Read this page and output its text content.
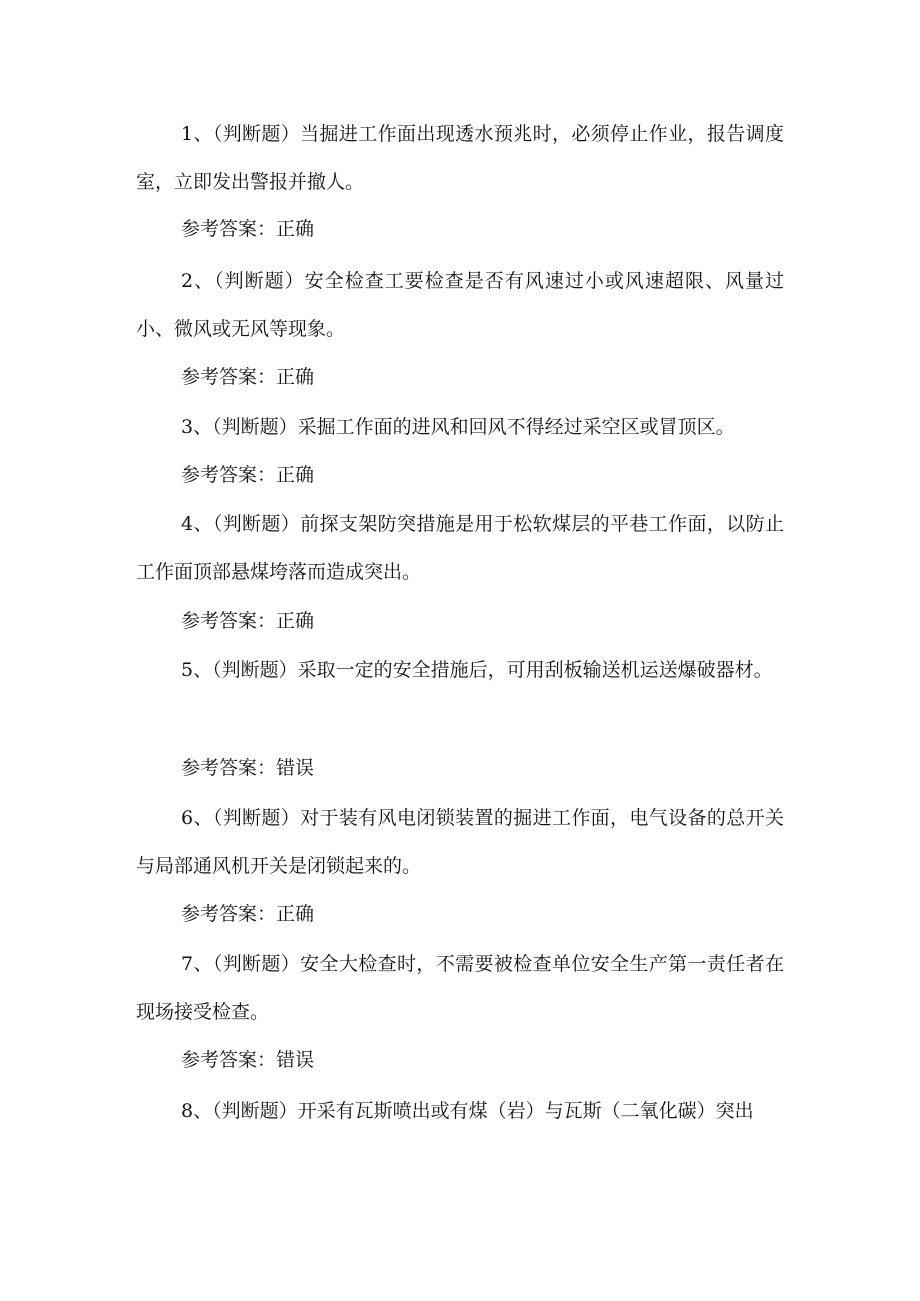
1、（判断题）当掘进工作面出现透水预兆时，必须停止作业，报告调度室，立即发出警报并撤人。
参考答案：正确
2、（判断题）安全检查工要检查是否有风速过小或风速超限、风量过小、微风或无风等现象。
参考答案：正确
3、（判断题）采掘工作面的进风和回风不得经过采空区或冒顶区。
参考答案：正确
4、（判断题）前探支架防突措施是用于松软煤层的平巷工作面，以防止工作面顶部悬煤垮落而造成突出。
参考答案：正确
5、（判断题）采取一定的安全措施后，可用刮板输送机运送爆破器材。
参考答案：错误
6、（判断题）对于装有风电闭锁装置的掘进工作面，电气设备的总开关与局部通风机开关是闭锁起来的。
参考答案：正确
7、（判断题）安全大检查时，不需要被检查单位安全生产第一责任者在现场接受检查。
参考答案：错误
8、（判断题）开采有瓦斯喷出或有煤（岩）与瓦斯（二氧化碳）突出
